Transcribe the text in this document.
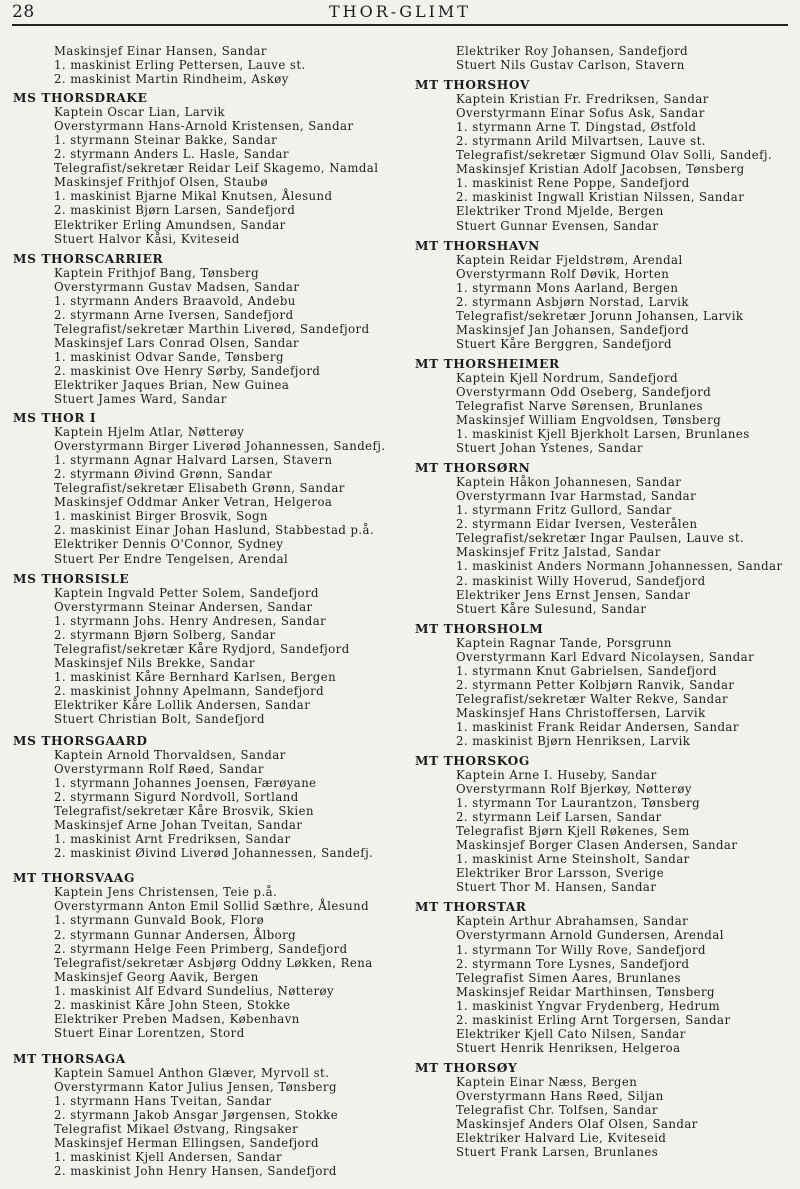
28	THOR-GLIMT
Maskinsjef Einar Hansen, Sandar
1. maskinist Erling Pettersen, Lauve st.
2. maskinist Martin Rindheim, Askøy
MS THORSDRAKE
Kaptein Oscar Lian, Larvik
Overstyrmann Hans-Arnold Kristensen, Sandar
1. styrmann Steinar Bakke, Sandar
2. styrmann Anders L. Hasle, Sandar
Telegrafist/sekretær Reidar Leif Skagemo, Namdal
Maskinsjef Frithjof Olsen, Staubø
1. maskinist Bjarne Mikal Knutsen, Ålesund
2. maskinist Bjørn Larsen, Sandefjord
Elektriker Erling Amundsen, Sandar
Stuert Halvor Kåsi, Kviteseid
MS THORSCARRIER
Kaptein Frithjof Bang, Tønsberg
Overstyrmann Gustav Madsen, Sandar
1. styrmann Anders Braavold, Andebu
2. styrmann Arne Iversen, Sandefjord
Telegrafist/sekretær Marthin Liverød, Sandefjord
Maskinsjef Lars Conrad Olsen, Sandar
1. maskinist Odvar Sande, Tønsberg
2. maskinist Ove Henry Sørby, Sandefjord
Elektriker Jaques Brian, New Guinea
Stuert James Ward, Sandar
MS THOR I
Kaptein Hjelm Atlar, Nøtterøy
Overstyrmann Birger Liverød Johannessen, Sandefj.
1. styrmann Agnar Halvard Larsen, Stavern
2. styrmann Øivind Grønn, Sandar
Telegrafist/sekretær Elisabeth Grønn, Sandar
Maskinsjef Oddmar Anker Vetran, Helgeroa
1. maskinist Birger Brosvik, Sogn
2. maskinist Einar Johan Haslund, Stabbestad p.å.
Elektriker Dennis O'Connor, Sydney
Stuert Per Endre Tengelsen, Arendal
MS THORSISLE
Kaptein Ingvald Petter Solem, Sandefjord
Overstyrmann Steinar Andersen, Sandar
1. styrmann Johs. Henry Andresen, Sandar
2. styrmann Bjørn Solberg, Sandar
Telegrafist/sekretær Kåre Rydjord, Sandefjord
Maskinsjef Nils Brekke, Sandar
1. maskinist Kåre Bernhard Karlsen, Bergen
2. maskinist Johnny Apelmann, Sandefjord
Elektriker Kåre Lollik Andersen, Sandar
Stuert Christian Bolt, Sandefjord
MS THORSGAARD
Kaptein Arnold Thorvaldsen, Sandar
Overstyrmann Rolf Røed, Sandar
1. styrmann Johannes Joensen, Færøyane
2. styrmann Sigurd Nordvoll, Sortland
Telegrafist/sekretær Kåre Brosvik, Skien
Maskinsjef Arne Johan Tveitan, Sandar
1. maskinist Arnt Fredriksen, Sandar
2. maskinist Øivind Liverød Johannessen, Sandefj.
MT THORSVAAG
Kaptein Jens Christensen, Teie p.å.
Overstyrmann Anton Emil Sollid Sæthre, Ålesund
1. styrmann Gunvald Book, Florø
2. styrmann Gunnar Andersen, Ålborg
2. styrmann Helge Feen Primberg, Sandefjord
Telegrafist/sekretær Asbjørg Oddny Løkken, Rena
Maskinsjef Georg Aavik, Bergen
1. maskinist Alf Edvard Sundelius, Nøtterøy
2. maskinist Kåre John Steen, Stokke
Elektriker Preben Madsen, København
Stuert Einar Lorentzen, Stord
MT THORSAGA
Kaptein Samuel Anthon Glæver, Myrvoll st.
Overstyrmann Kator Julius Jensen, Tønsberg
1. styrmann Hans Tveitan, Sandar
2. styrmann Jakob Ansgar Jørgensen, Stokke
Telegrafist Mikael Østvang, Ringsaker
Maskinsjef Herman Ellingsen, Sandefjord
1. maskinist Kjell Andersen, Sandar
2. maskinist John Henry Hansen, Sandefjord
Elektriker Roy Johansen, Sandefjord
Stuert Nils Gustav Carlson, Stavern
MT THORSHOV
Kaptein Kristian Fr. Fredriksen, Sandar
Overstyrmann Einar Sofus Ask, Sandar
1. styrmann Arne T. Dingstad, Østfold
2. styrmann Arild Milvartsen, Lauve st.
Telegrafist/sekretær Sigmund Olav Solli, Sandefj.
Maskinsjef Kristian Adolf Jacobsen, Tønsberg
1. maskinist Rene Poppe, Sandefjord
2. maskinist Ingwall Kristian Nilssen, Sandar
Elektriker Trond Mjelde, Bergen
Stuert Gunnar Evensen, Sandar
MT THORSHAVN
Kaptein Reidar Fjeldstrøm, Arendal
Overstyrmann Rolf Døvik, Horten
1. styrmann Mons Aarland, Bergen
2. styrmann Asbjørn Norstad, Larvik
Telegrafist/sekretær Jorunn Johansen, Larvik
Maskinsjef Jan Johansen, Sandefjord
Stuert Kåre Berggren, Sandefjord
MT THORSHEIMER
Kaptein Kjell Nordrum, Sandefjord
Overstyrmann Odd Oseberg, Sandefjord
Telegrafist Narve Sørensen, Brunlanes
Maskinsjef William Engvoldsen, Tønsberg
1. maskinist Kjell Bjerkholt Larsen, Brunlanes
Stuert Johan Ystenes, Sandar
MT THORSØRN
Kaptein Håkon Johannesen, Sandar
Overstyrmann Ivar Harmstad, Sandar
1. styrmann Fritz Gullord, Sandar
2. styrmann Eidar Iversen, Vesterålen
Telegrafist/sekretær Ingar Paulsen, Lauve st.
Maskinsjef Fritz Jalstad, Sandar
1. maskinist Anders Normann Johannessen, Sandar
2. maskinist Willy Hoverud, Sandefjord
Elektriker Jens Ernst Jensen, Sandar
Stuert Kåre Sulesund, Sandar
MT THORSHOLM
Kaptein Ragnar Tande, Porsgrunn
Overstyrmann Karl Edvard Nicolaysen, Sandar
1. styrmann Knut Gabrielsen, Sandefjord
2. styrmann Petter Kolbjørn Ranvik, Sandar
Telegrafist/sekretær Walter Rekve, Sandar
Maskinsjef Hans Christoffersen, Larvik
1. maskinist Frank Reidar Andersen, Sandar
2. maskinist Bjørn Henriksen, Larvik
MT THORSKOG
Kaptein Arne I. Huseby, Sandar
Overstyrmann Rolf Bjerkøy, Nøtterøy
1. styrmann Tor Laurantzon, Tønsberg
2. styrmann Leif Larsen, Sandar
Telegrafist Bjørn Kjell Røkenes, Sem
Maskinsjef Borger Clasen Andersen, Sandar
1. maskinist Arne Steinsholt, Sandar
Elektriker Bror Larsson, Sverige
Stuert Thor M. Hansen, Sandar
MT THORSTAR
Kaptein Arthur Abrahamsen, Sandar
Overstyrmann Arnold Gundersen, Arendal
1. styrmann Tor Willy Rove, Sandefjord
2. styrmann Tore Lysnes, Sandefjord
Telegrafist Simen Aares, Brunlanes
Maskinsjef Reidar Marthinsen, Tønsberg
1. maskinist Yngvar Frydenberg, Hedrum
2. maskinist Erling Arnt Torgersen, Sandar
Elektriker Kjell Cato Nilsen, Sandar
Stuert Henrik Henriksen, Helgeroa
MT THORSØY
Kaptein Einar Næss, Bergen
Overstyrmann Hans Røed, Siljan
Telegrafist Chr. Tolfsen, Sandar
Maskinsjef Anders Olaf Olsen, Sandar
Elektriker Halvard Lie, Kviteseid
Stuert Frank Larsen, Brunlanes
